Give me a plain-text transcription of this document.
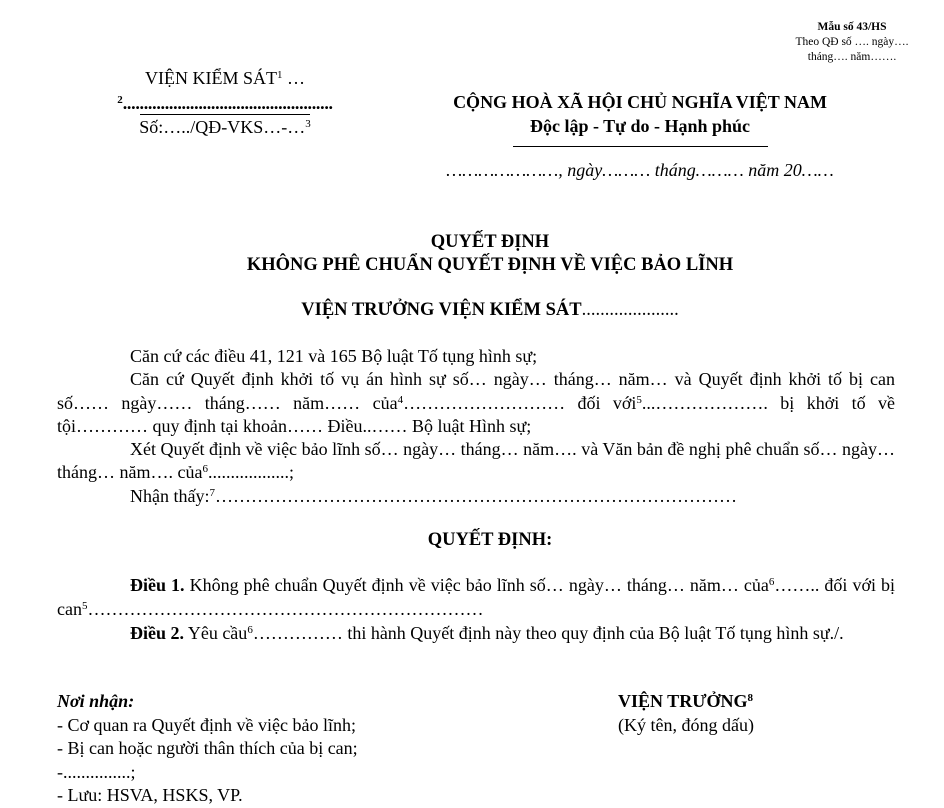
Mẫu số 43/HS
Theo QĐ số …. ngày….
tháng…. năm…….
VIỆN KIỂM SÁT$^1$ …
$^2$..................................................
Số:…../QĐ-VKS…-…$^3$
CỘNG HOÀ XÃ HỘI CHỦ NGHĨA VIỆT NAM
Độc lập - Tự do - Hạnh phúc
…………………, ngày……… tháng……… năm 20……
QUYẾT ĐỊNH
KHÔNG PHÊ CHUẨN QUYẾT ĐỊNH VỀ VIỆC BẢO LĨNH
VIỆN TRƯỞNG VIỆN KIỂM SÁT.....................

Căn cứ các điều 41, 121 và 165 Bộ luật Tố tụng hình sự;

Căn cứ Quyết định khởi tố vụ án hình sự số… ngày… tháng… năm… và Quyết định khởi tố bị can số…… ngày…… tháng…… năm…… của$^4$……………………… đối với$^5$...………………. bị khởi tố về tội………… quy định tại khoản…… Điều..…… Bộ luật Hình sự;

Xét Quyết định về việc bảo lĩnh số… ngày… tháng… năm…. và Văn bản đề nghị phê chuẩn số… ngày… tháng… năm…. của$^6$..................;

Nhận thấy:$^7$……………………………………………………………………………

QUYẾT ĐỊNH:

Điều 1. Không phê chuẩn Quyết định về việc bảo lĩnh số… ngày… tháng… năm… của$^6$…….. đối với bị can$^5$…………………………………………………………

Điều 2. Yêu cầu$^6$…………… thi hành Quyết định này theo quy định của Bộ luật Tố tụng hình sự./.

Nơi nhận:
- Cơ quan ra Quyết định về việc bảo lĩnh;
- Bị can hoặc người thân thích của bị can;
-...............;
- Lưu: HSVA, HSKS, VP.
VIỆN TRƯỞNG$^8$
(Ký tên, đóng dấu)
